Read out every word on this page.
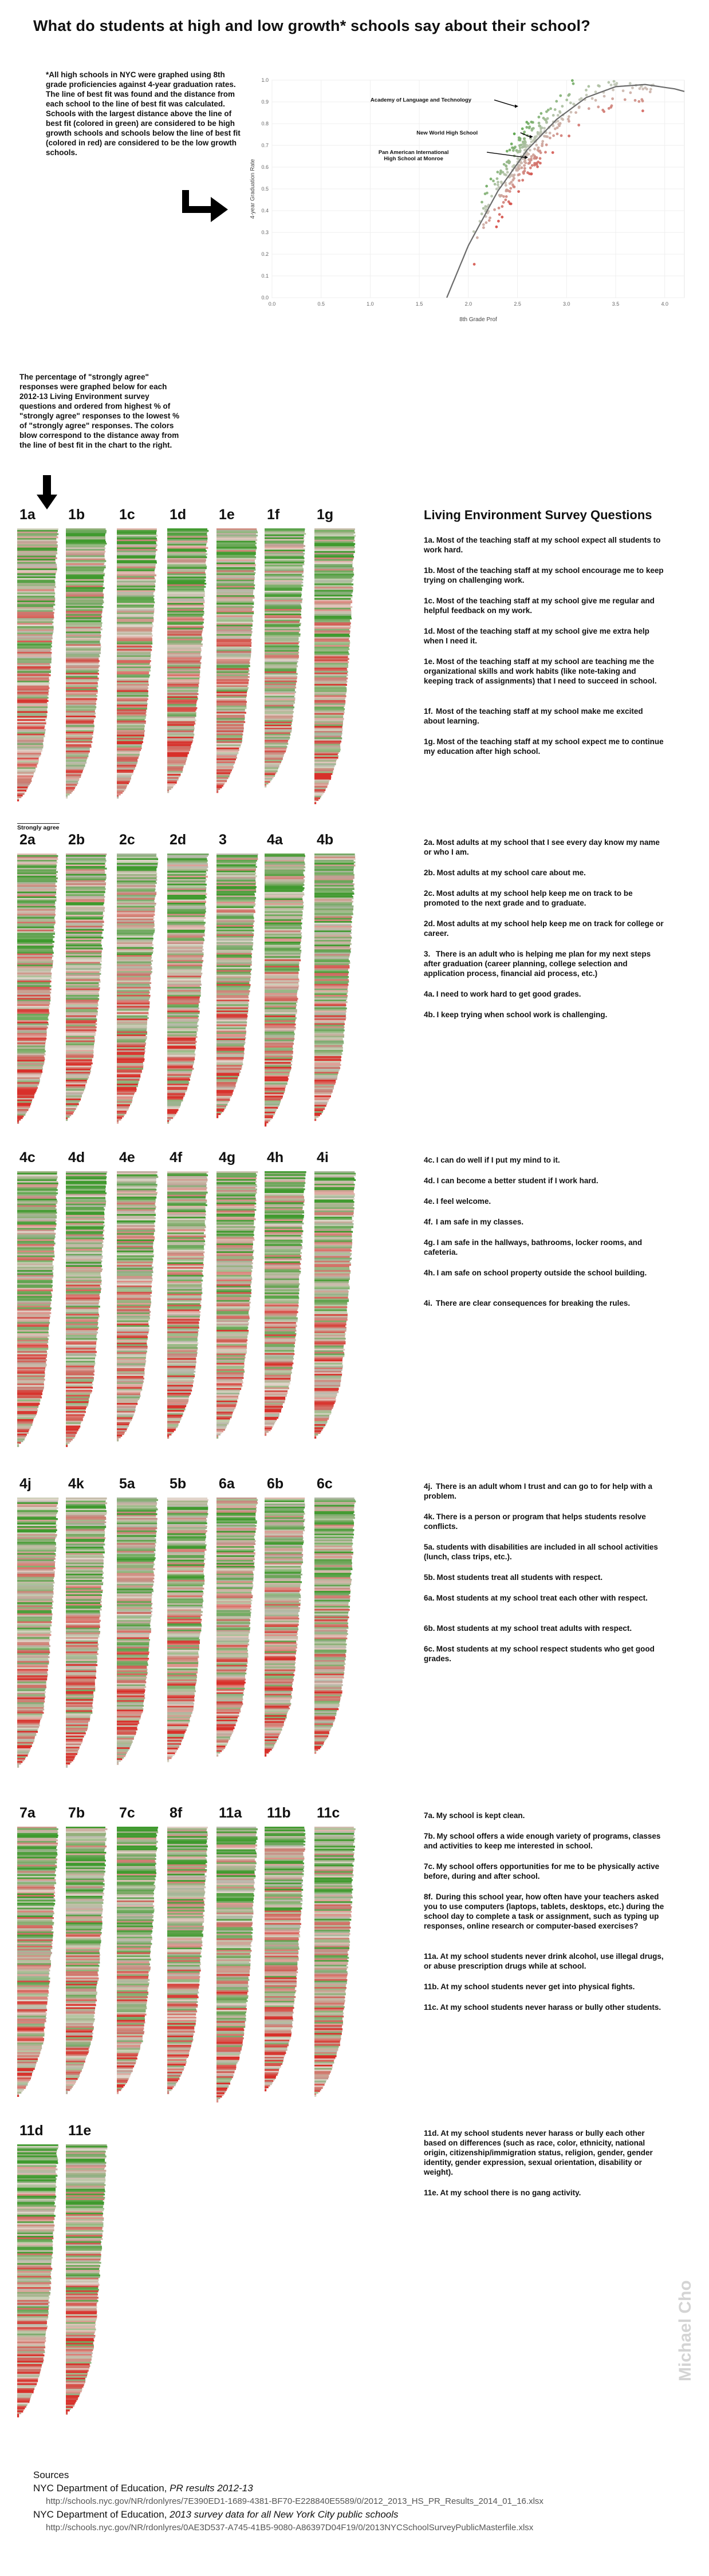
What do students at high and low growth* schools say about their school?
*All high schools in NYC were graphed using 8th grade proficiencies against 4-year graduation rates. The line of best fit was found and the distance from each school to the line of best fit was calculated. Schools with the largest distance above the line of best fit (colored in green) are considered to be high growth schools and schools below the line of best fit (colored in red) are considered to be the low growth schools.
0.0	0.5	1.0	1.5	2.0	2.5	3.0	3.5	4.0
0.0
0.1
0.2
0.3
0.4
0.5
0.6
0.7
0.8
0.9
1.0
Academy of Language and Technology
New World High School
Pan American International
High School at Monroe
8th Grade Prof
4-year Graduation Rate
The percentage of "strongly agree" responses were graphed below for each 2012-13 Living Environment survey questions and ordered from highest % of "strongly agree" responses to the lowest % of "strongly agree" responses. The colors blow correspond to the distance away from the line of best fit in the chart to the right.
Strongly agree
Living Environment Survey Questions
1a 1b 1c 1d 1e 1f	1g
1a. Most of the teaching staff at my school expect all students to work hard.
1b. Most of the teaching staff at my school encourage me to keep trying on challenging work.
1c. Most of the teaching staff at my school give me regular and helpful feedback on my work.
1d. Most of the teaching staff at my school give me extra help when I need it.
1e. Most of the teaching staff at my school are teaching me the organizational skills and work habits (like note-taking and keeping track of assignments) that I need to succeed in school.
1f. Most of the teaching staff at my school make me excited about learning.
1g. Most of the teaching staff at my school expect me to continue my education after high school.
2a 2b 2c 2d 3	4a 4b	2a. Most adults at my school that I see every day know my name or who I am.
2b. Most adults at my school care about me.
2c. Most adults at my school help keep me on track to be promoted to the next grade and to graduate.
2d. Most adults at my school help keep me on track for college or career.
3. There is an adult who is helping me plan for my next steps after graduation (career planning, college selection and application process, financial aid process, etc.)
4a. I need to work hard to get good grades.
4b. I keep trying when school work is challenging.
4c 4d 4e 4f	4g 4h 4i	4c. I can do well if I put my mind to it.
4d. I can become a better student if I work hard.
4e. I feel welcome.
4f. I am safe in my classes.
4g. I am safe in the hallways, bathrooms, locker rooms, and cafeteria.
4h. I am safe on school property outside the school building.
4i. There are clear consequences for breaking the rules.
4j	4k 5a 5b 6a 6b 6c	4j. There is an adult whom I trust and can go to for help with a problem.
4k. There is a person or program that helps students resolve conflicts.
5a. students with disabilities are included in all school activities (lunch, class trips, etc.).
5b. Most students treat all students with respect.
6a. Most students at my school treat each other with respect.
6b. Most students at my school treat adults with respect.
6c. Most students at my school respect students who get good grades.
7a 7b 7c 8f	11a 11b 11c	7a. My school is kept clean.
7b. My school offers a wide enough variety of programs, classes and activities to keep me interested in school.
7c. My school offers opportunities for me to be physically active before, during and after school.
8f. During this school year, how often have your teachers asked you to use computers (laptops, tablets, desktops, etc.) during the school day to complete a task or assignment, such as typing up responses, online research or computer-based exercises?
11a. At my school students never drink alcohol, use illegal drugs, or abuse prescription drugs while at school.
11b. At my school students never get into physical fights.
11c. At my school students never harass or bully other students.
11d 11e	11d. At my school students never harass or bully each other based on differences (such as race, color, ethnicity, national origin, citizenship/immigration status, religion, gender, gender identity, gender expression, sexual orientation, disability or weight).
11e. At my school there is no gang activity.
Michael Cho
Sources
NYC Department of Education, PR results 2012-13
http://schools.nyc.gov/NR/rdonlyres/7E390ED1-1689-4381-BF70-E228840E5589/0/2012_2013_HS_PR_Results_2014_01_16.xlsx
NYC Department of Education, 2013 survey data for all New York City public schools
http://schools.nyc.gov/NR/rdonlyres/0AE3D537-A745-41B5-9080-A86397D04F19/0/2013NYCSchoolSurveyPublicMasterfile.xlsx
